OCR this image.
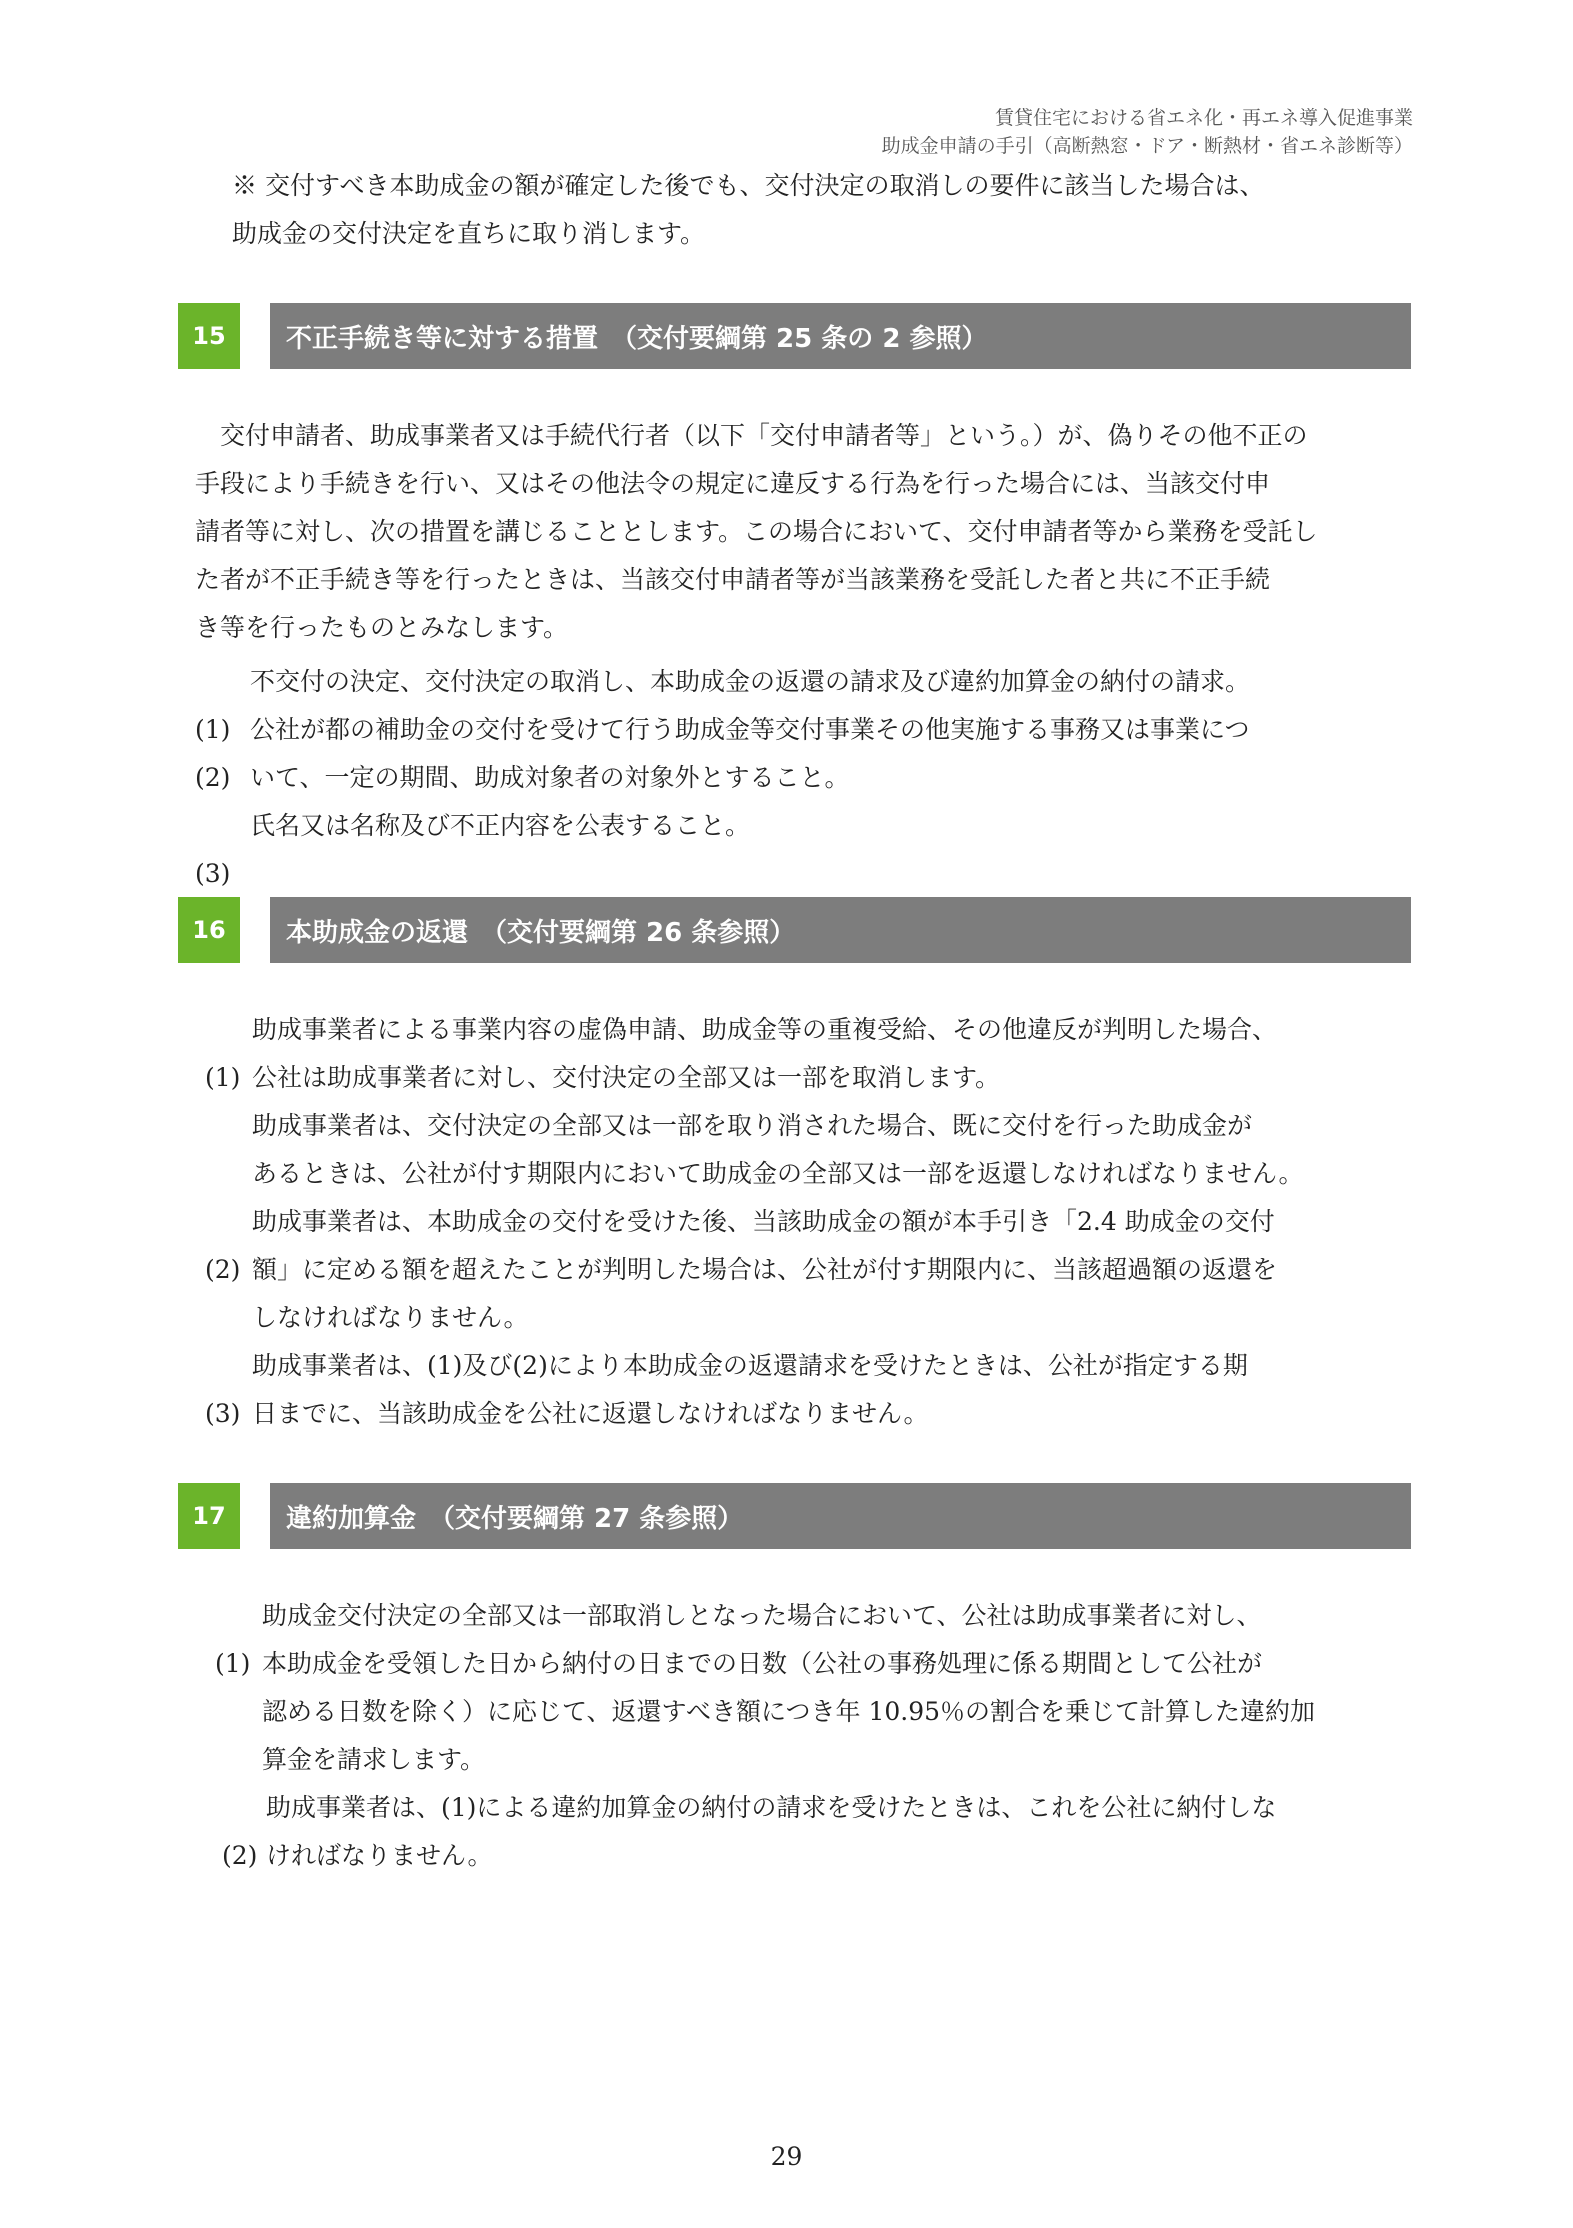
賃貸住宅における省エネ化・再エネ導入促進事業
助成金申請の手引（高断熱窓・ドア・断熱材・省エネ診断等）
※ 交付すべき本助成金の額が確定した後でも、交付決定の取消しの要件に該当した場合は、
助成金の交付決定を直ちに取り消します。
15	不正手続き等に対する措置　（交付要綱第 25 条の 2 参照）
　交付申請者、助成事業者又は手続代行者（以下「交付申請者等」という。）が、偽りその他不正の
手段により手続きを行い、又はその他法令の規定に違反する行為を行った場合には、当該交付申
請者等に対し、次の措置を講じることとします。この場合において、交付申請者等から業務を受託し
た者が不正手続き等を行ったときは、当該交付申請者等が当該業務を受託した者と共に不正手続
き等を行ったものとみなします。

(1)

不交付の決定、交付決定の取消し、本助成金の返還の請求及び違約加算金の納付の請求。

(2)

公社が都の補助金の交付を受けて行う助成金等交付事業その他実施する事務又は事業につ
いて、一定の期間、助成対象者の対象外とすること。

(3)

氏名又は名称及び不正内容を公表すること。
16	本助成金の返還　（交付要綱第 26 条参照）

(1)

助成事業者による事業内容の虚偽申請、助成金等の重複受給、その他違反が判明した場合、
公社は助成事業者に対し、交付決定の全部又は一部を取消します。
助成事業者は、交付決定の全部又は一部を取り消された場合、既に交付を行った助成金が
あるときは、公社が付す期限内において助成金の全部又は一部を返還しなければなりません。

(2)

助成事業者は、本助成金の交付を受けた後、当該助成金の額が本手引き「2.4 助成金の交付
額」に定める額を超えたことが判明した場合は、公社が付す期限内に、当該超過額の返還を
しなければなりません。

(3)

助成事業者は、(1)及び(2)により本助成金の返還請求を受けたときは、公社が指定する期
日までに、当該助成金を公社に返還しなければなりません。
17	違約加算金　（交付要綱第 27 条参照）

(1)

助成金交付決定の全部又は一部取消しとなった場合において、公社は助成事業者に対し、
本助成金を受領した日から納付の日までの日数（公社の事務処理に係る期間として公社が
認める日数を除く）に応じて、返還すべき額につき年 10.95％の割合を乗じて計算した違約加
算金を請求します。

(2)

助成事業者は、(1)による違約加算金の納付の請求を受けたときは、これを公社に納付しな
ければなりません。
29
